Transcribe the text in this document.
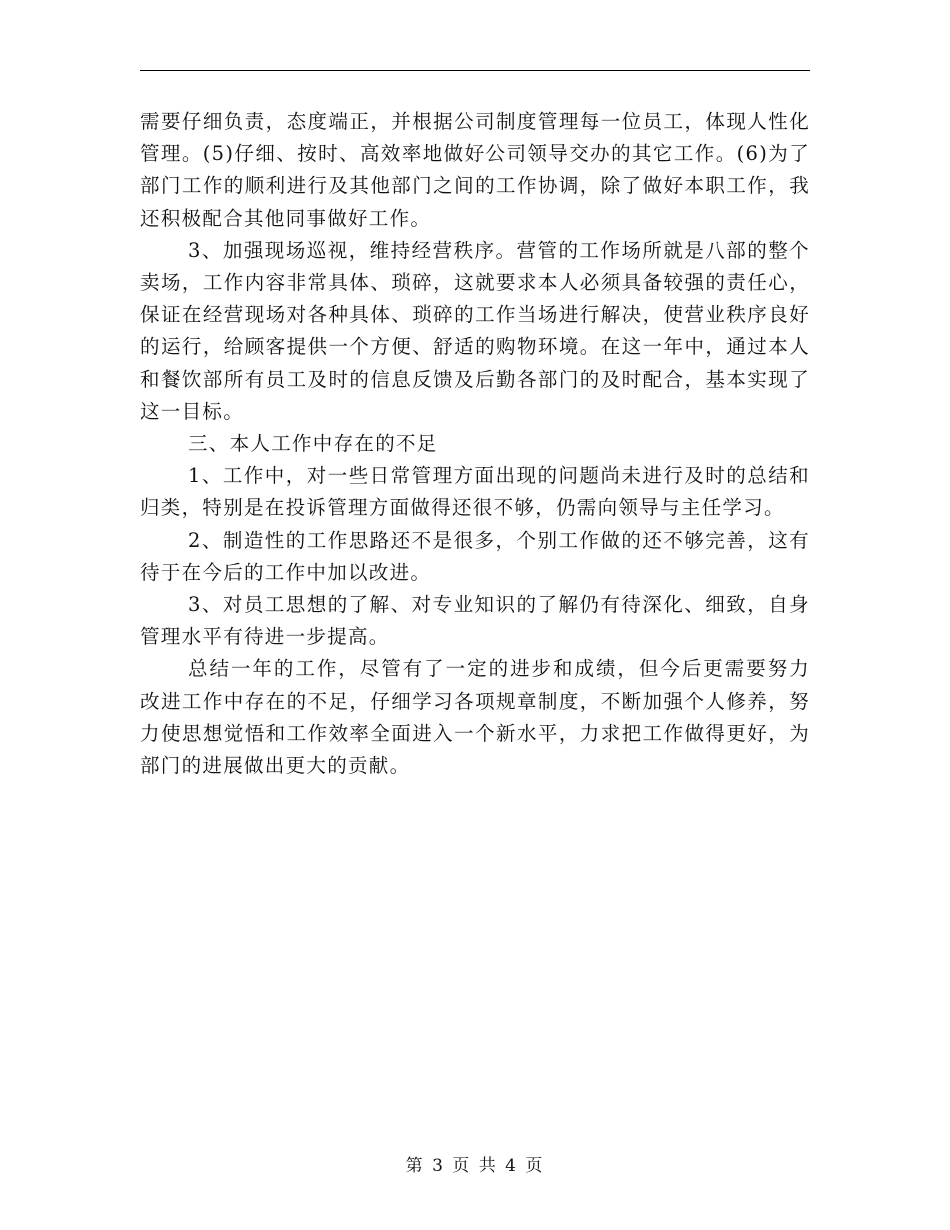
需要仔细负责，态度端正，并根据公司制度管理每一位员工，体现人性化管理。(5)仔细、按时、高效率地做好公司领导交办的其它工作。(6)为了部门工作的顺利进行及其他部门之间的工作协调，除了做好本职工作，我还积极配合其他同事做好工作。

3、加强现场巡视，维持经营秩序。营管的工作场所就是八部的整个卖场，工作内容非常具体、琐碎，这就要求本人必须具备较强的责任心，保证在经营现场对各种具体、琐碎的工作当场进行解决，使营业秩序良好的运行，给顾客提供一个方便、舒适的购物环境。在这一年中，通过本人和餐饮部所有员工及时的信息反馈及后勤各部门的及时配合，基本实现了这一目标。

三、本人工作中存在的不足

1、工作中，对一些日常管理方面出现的问题尚未进行及时的总结和归类，特别是在投诉管理方面做得还很不够，仍需向领导与主任学习。

2、制造性的工作思路还不是很多，个别工作做的还不够完善，这有待于在今后的工作中加以改进。

3、对员工思想的了解、对专业知识的了解仍有待深化、细致，自身管理水平有待进一步提高。

总结一年的工作，尽管有了一定的进步和成绩，但今后更需要努力改进工作中存在的不足，仔细学习各项规章制度，不断加强个人修养，努力使思想觉悟和工作效率全面进入一个新水平，力求把工作做得更好，为部门的进展做出更大的贡献。

第 3 页 共 4 页
